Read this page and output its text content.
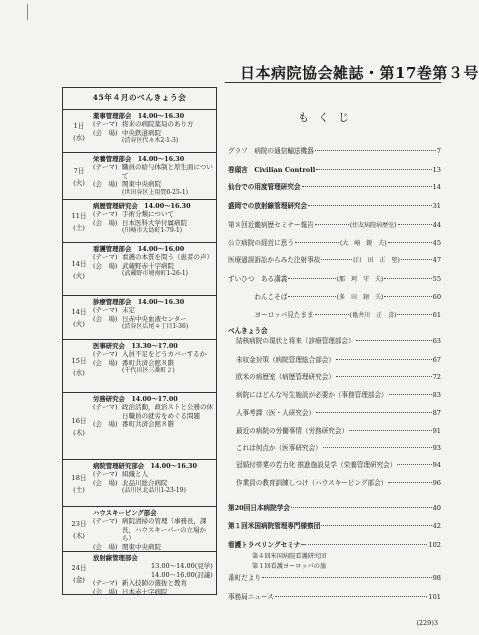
日本病院協会雑誌・第17巻第３号
45年４月のべんきょう会
1日
(水)
薬事管理部会　14.00〜16.30
(テーマ) 将来の病院薬局のあり方
(会　場) 中央鉄道病院
(渋谷区代々木2-1-3)
7日
(火)
栄養管理部会　14.00〜16.30
(テーマ) 職員の給与体制と厚生面について
(会　場) 関東中央病院
(世田谷区上用賀6-25-1)
11日
(土)
病歴管理研究会　14.00〜16.30
(テーマ) 手術分類について
(会　場) 日本医科大学付属病院
(川崎市大島町1-79-1)
14日
(火)
看護管理部会　14.00〜16.00
(テーマ) 看護の本質を問う（患者の声）
(会　場) 武蔵野赤十字病院
(武蔵野市境南町1-26-1)
14日
(火)
診療管理部会　14.00〜16.30
(テーマ) 未定
(会　場) 日赤中央血液センター
(渋谷区広尾４丁目1-36)
15日
(水)
医事研究会　13.30〜17.00
(テーマ) 入員不足をどうカバーするか
(会　場) 番町共済会館８階
(千代田区三番町２)
16日
(木)
労務研究会　14.00〜17.00
(テーマ) 政治活動，政治ストと公務の休日職員の就労をめぐる問題
(会　場) 番町共済会館８階
18日
(土)
病院管理研究部会　14.00〜16.30
(テーマ) 組織と人
(会　場) 北品川総合病院
(品川区北品川1-23-19)
23日
(木)
ハウスキーピング部会
(テーマ) 病院清掃の管理（事務長，課長，ハウスキーパーの立場から）
(会　場) 関東中央病院
24日
(金)
放射線管理部会
13.00〜14.00(見学)
14.00〜16.00(討議)
(テーマ) 新入技師の選抜と教育
(会　場) 日本赤十字病院
もくじ
グラフ　病院の通信輸送機器	7
巻頭言　Civilian Controll	13
仙台での用度管理研究会	14
盛岡での放射線管理研究会	31
第８回近畿病歴セミナー報告	(住友病院病歴室)	44
公立病院の経営に思う	(大　崎　鋭　夫)	45
医療過誤訴訟からみた注射事故	(臼　田　正　堅)	47
ずいひつ　ある講義	(那　珂　守　夫)	55
　　　　わんこそば	(多　田　創　夫)	60
　　　　ヨーロッパ見たまま	(亀井川　正　喜)	61
結核病院の現状と将来（診療管理部会）	63
未収金対策（病院管理総合部会）	67
欧米の病歴室（病歴管理研究会）	72
病院にはどんな写生施設が必要か（事務管理部会）	83
人事考課（医・人研究会）	87
最近の病院の労働事情（労務研究会）	91
これは何点か（医事研究会）	93
冠婚付帯業の若力化 推進施設見学（栄養管理研究会）	94
作業員の教育訓練しつけ（ハウスキーピング部会）	96
第20回日本病院学会	40
第１回米国病院管理専門様察団	42
看護トラベリングセミナー	102
番町だより	98
事務局ニュース	101
べんきょう会
第４回米国病院看護研究団
第１回看護ヨーロッパの旅
(229)3
